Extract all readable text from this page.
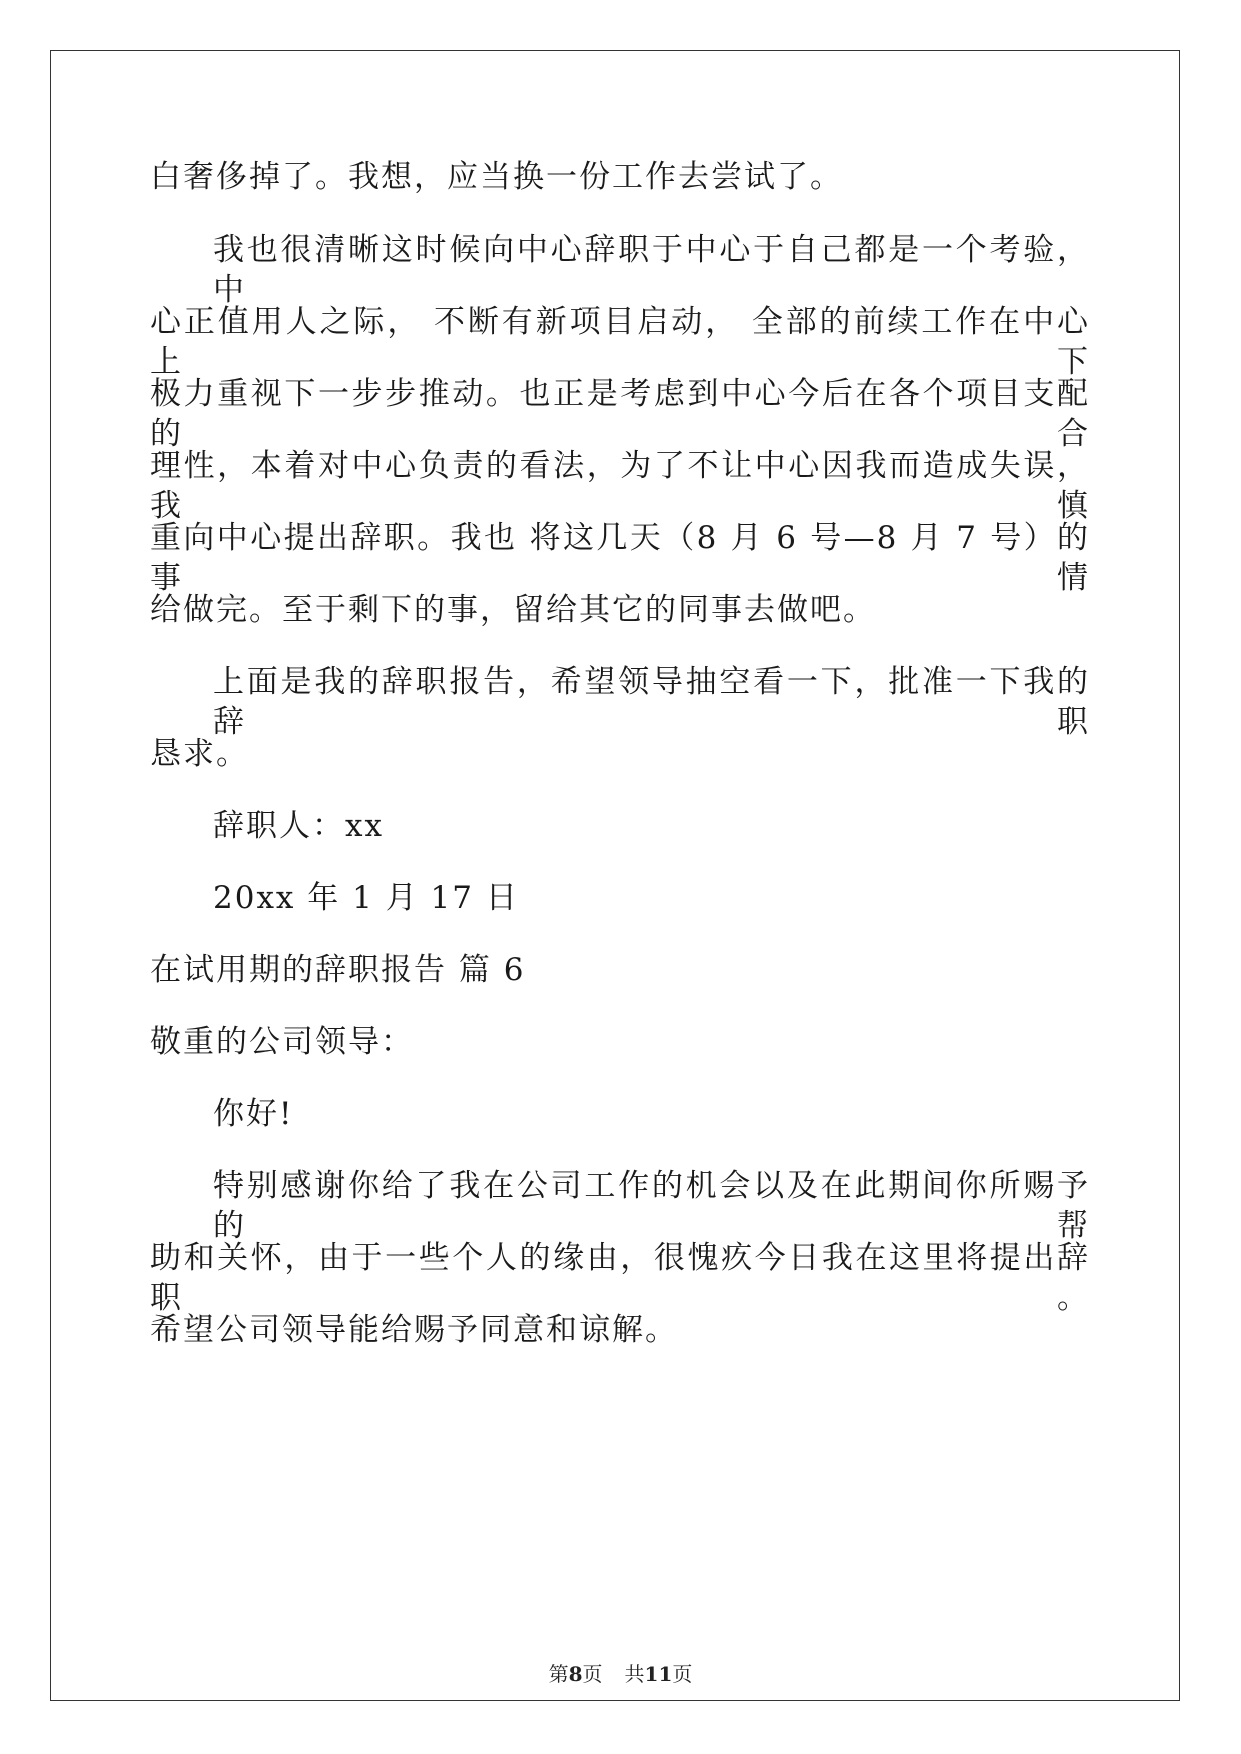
白奢侈掉了。我想，应当换一份工作去尝试了。
我也很清晰这时候向中心辞职于中心于自己都是一个考验， 中
心正值用人之际， 不断有新项目启动， 全部的前续工作在中心上下
极力重视下一步步推动。也正是考虑到中心今后在各个项目支配的合
理性，本着对中心负责的看法，为了不让中心因我而造成失误，我慎
重向中心提出辞职。我也 将这几天（8 月 6 号—8 月 7 号）的事情
给做完。至于剩下的事，留给其它的同事去做吧。
上面是我的辞职报告，希望领导抽空看一下，批准一下我的辞职
恳求。
辞职人：xx
20xx 年 1 月 17 日
在试用期的辞职报告 篇 6
敬重的公司领导：
你好!
特别感谢你给了我在公司工作的机会以及在此期间你所赐予的帮
助和关怀，由于一些个人的缘由，很愧疚今日我在这里将提出辞职。
希望公司领导能给赐予同意和谅解。
第8页 共11页
